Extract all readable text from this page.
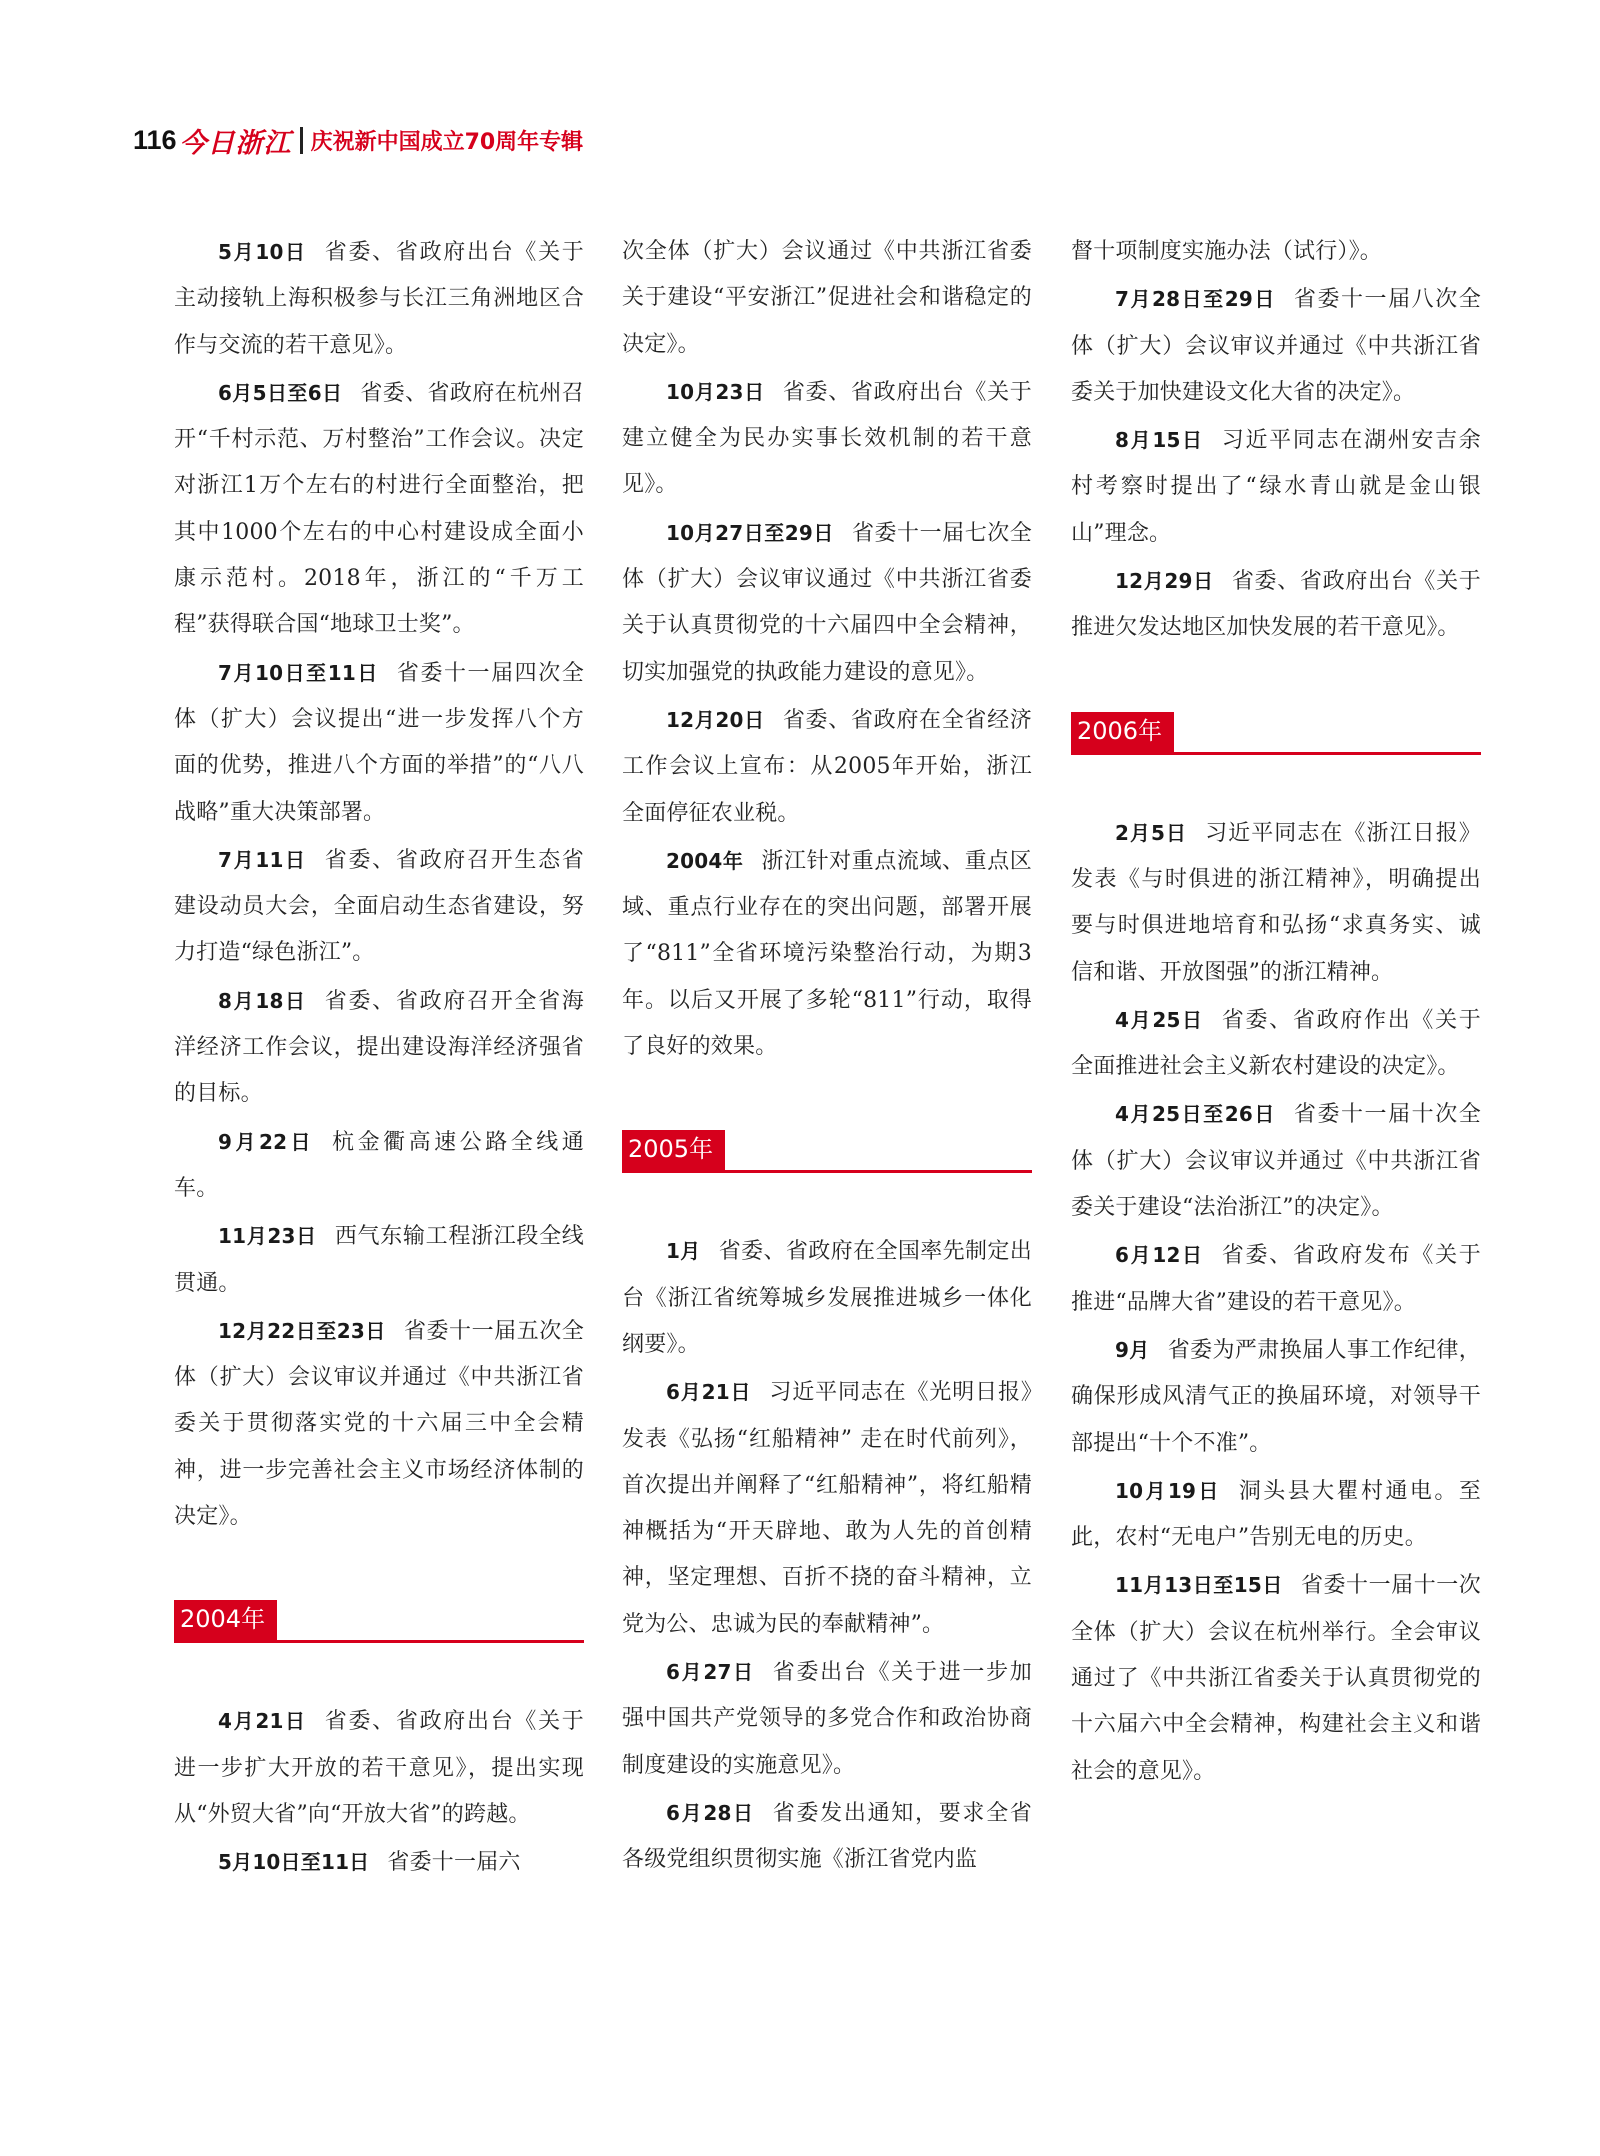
116 今日浙江 庆祝新中国成立70周年专辑

5月10日 省委、省政府出台《关于主动接轨上海积极参与长江三角洲地区合作与交流的若干意见》。

6月5日至6日 省委、省政府在杭州召开“千村示范、万村整治”工作会议。决定对浙江1万个左右的村进行全面整治，把其中1000个左右的中心村建设成全面小康示范村。2018年，浙江的“千万工程”获得联合国“地球卫士奖”。

7月10日至11日 省委十一届四次全体（扩大）会议提出“进一步发挥八个方面的优势，推进八个方面的举措”的“八八战略”重大决策部署。

7月11日 省委、省政府召开生态省建设动员大会，全面启动生态省建设，努力打造“绿色浙江”。

8月18日 省委、省政府召开全省海洋经济工作会议，提出建设海洋经济强省的目标。

9月22日 杭金衢高速公路全线通车。

11月23日 西气东输工程浙江段全线贯通。

12月22日至23日 省委十一届五次全体（扩大）会议审议并通过《中共浙江省委关于贯彻落实党的十六届三中全会精神，进一步完善社会主义市场经济体制的决定》。

2004年

4月21日 省委、省政府出台《关于进一步扩大开放的若干意见》，提出实现从“外贸大省”向“开放大省”的跨越。

5月10日至11日 省委十一届六

次全体（扩大）会议通过《中共浙江省委关于建设“平安浙江”促进社会和谐稳定的决定》。

10月23日 省委、省政府出台《关于建立健全为民办实事长效机制的若干意见》。

10月27日至29日 省委十一届七次全体（扩大）会议审议通过《中共浙江省委关于认真贯彻党的十六届四中全会精神，切实加强党的执政能力建设的意见》。

12月20日 省委、省政府在全省经济工作会议上宣布：从2005年开始，浙江全面停征农业税。

2004年 浙江针对重点流域、重点区域、重点行业存在的突出问题，部署开展了“811”全省环境污染整治行动，为期3年。以后又开展了多轮“811”行动，取得了良好的效果。

2005年

1月 省委、省政府在全国率先制定出台《浙江省统筹城乡发展推进城乡一体化纲要》。

6月21日 习近平同志在《光明日报》发表《弘扬“红船精神” 走在时代前列》，首次提出并阐释了“红船精神”，将红船精神概括为“开天辟地、敢为人先的首创精神，坚定理想、百折不挠的奋斗精神，立党为公、忠诚为民的奉献精神”。

6月27日 省委出台《关于进一步加强中国共产党领导的多党合作和政治协商制度建设的实施意见》。

6月28日 省委发出通知，要求全省各级党组织贯彻实施《浙江省党内监

督十项制度实施办法（试行）》。

7月28日至29日 省委十一届八次全体（扩大）会议审议并通过《中共浙江省委关于加快建设文化大省的决定》。

8月15日 习近平同志在湖州安吉余村考察时提出了“绿水青山就是金山银山”理念。

12月29日 省委、省政府出台《关于推进欠发达地区加快发展的若干意见》。

2006年

2月5日 习近平同志在《浙江日报》发表《与时俱进的浙江精神》，明确提出要与时俱进地培育和弘扬“求真务实、诚信和谐、开放图强”的浙江精神。

4月25日 省委、省政府作出《关于全面推进社会主义新农村建设的决定》。

4月25日至26日 省委十一届十次全体（扩大）会议审议并通过《中共浙江省委关于建设“法治浙江”的决定》。

6月12日 省委、省政府发布《关于推进“品牌大省”建设的若干意见》。

9月 省委为严肃换届人事工作纪律，确保形成风清气正的换届环境，对领导干部提出“十个不准”。

10月19日 洞头县大瞿村通电。至此，农村“无电户”告别无电的历史。

11月13日至15日 省委十一届十一次全体（扩大）会议在杭州举行。全会审议通过了《中共浙江省委关于认真贯彻党的十六届六中全会精神，构建社会主义和谐社会的意见》。
